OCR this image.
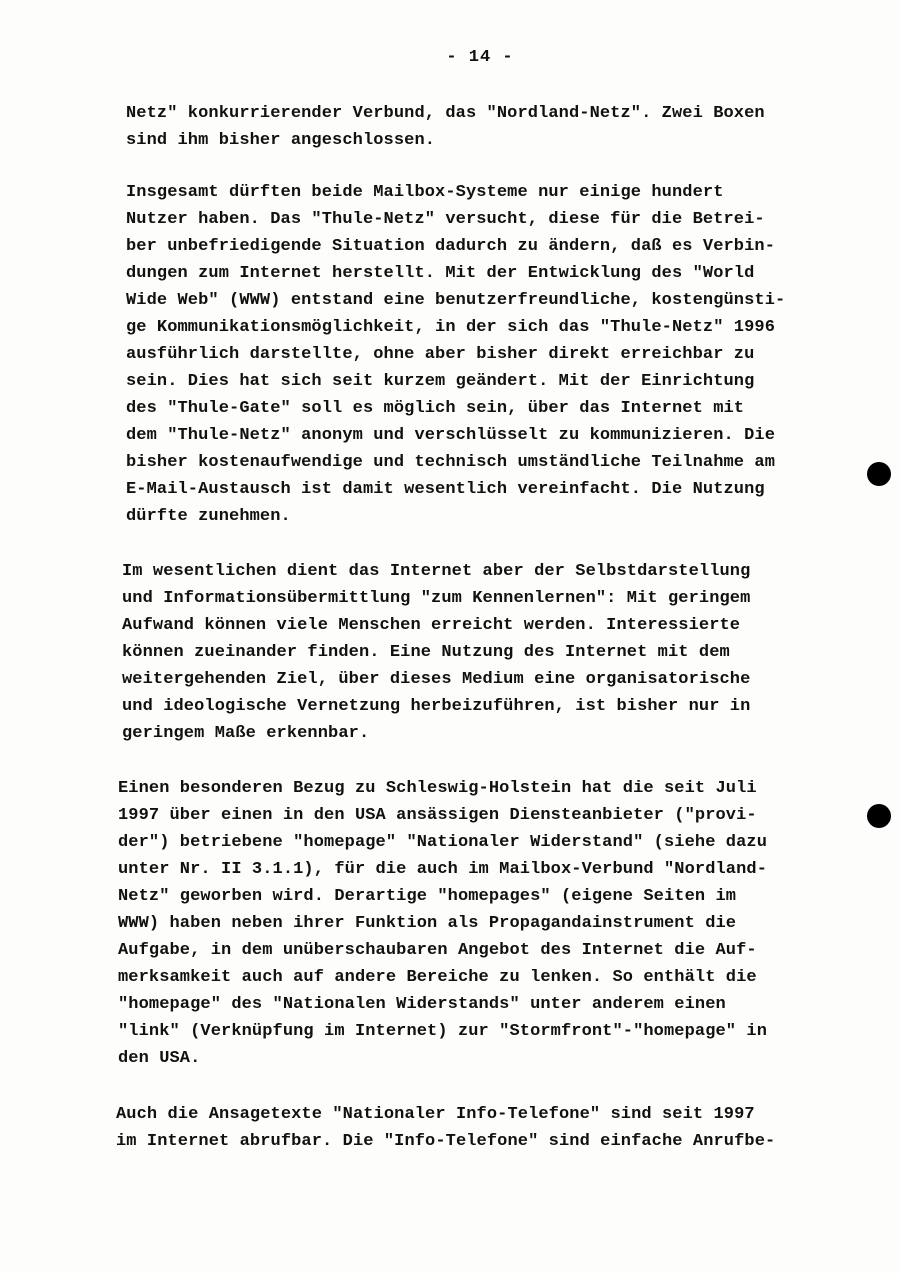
- 14 -

Netz" konkurrierender Verbund, das "Nordland-Netz". Zwei Boxen
sind ihm bisher angeschlossen.

Insgesamt dürften beide Mailbox-Systeme nur einige hundert
Nutzer haben. Das "Thule-Netz" versucht, diese für die Betrei-
ber unbefriedigende Situation dadurch zu ändern, daß es Verbin-
dungen zum Internet herstellt. Mit der Entwicklung des "World
Wide Web" (WWW) entstand eine benutzerfreundliche, kostengünsti-
ge Kommunikationsmöglichkeit, in der sich das "Thule-Netz" 1996
ausführlich darstellte, ohne aber bisher direkt erreichbar zu
sein. Dies hat sich seit kurzem geändert. Mit der Einrichtung
des "Thule-Gate" soll es möglich sein, über das Internet mit
dem "Thule-Netz" anonym und verschlüsselt zu kommunizieren. Die
bisher kostenaufwendige und technisch umständliche Teilnahme am
E-Mail-Austausch ist damit wesentlich vereinfacht. Die Nutzung
dürfte zunehmen.

Im wesentlichen dient das Internet aber der Selbstdarstellung
und Informationsübermittlung "zum Kennenlernen": Mit geringem
Aufwand können viele Menschen erreicht werden. Interessierte
können zueinander finden. Eine Nutzung des Internet mit dem
weitergehenden Ziel, über dieses Medium eine organisatorische
und ideologische Vernetzung herbeizuführen, ist bisher nur in
geringem Maße erkennbar.

Einen besonderen Bezug zu Schleswig-Holstein hat die seit Juli
1997 über einen in den USA ansässigen Diensteanbieter ("provi-
der") betriebene "homepage" "Nationaler Widerstand" (siehe dazu
unter Nr. II 3.1.1), für die auch im Mailbox-Verbund "Nordland-
Netz" geworben wird. Derartige "homepages" (eigene Seiten im
WWW) haben neben ihrer Funktion als Propagandainstrument die
Aufgabe, in dem unüberschaubaren Angebot des Internet die Auf-
merksamkeit auch auf andere Bereiche zu lenken. So enthält die
"homepage" des "Nationalen Widerstands" unter anderem einen
"link" (Verknüpfung im Internet) zur "Stormfront"-"homepage" in
den USA.

Auch die Ansagetexte "Nationaler Info-Telefone" sind seit 1997
im Internet abrufbar. Die "Info-Telefone" sind einfache Anrufbe-
